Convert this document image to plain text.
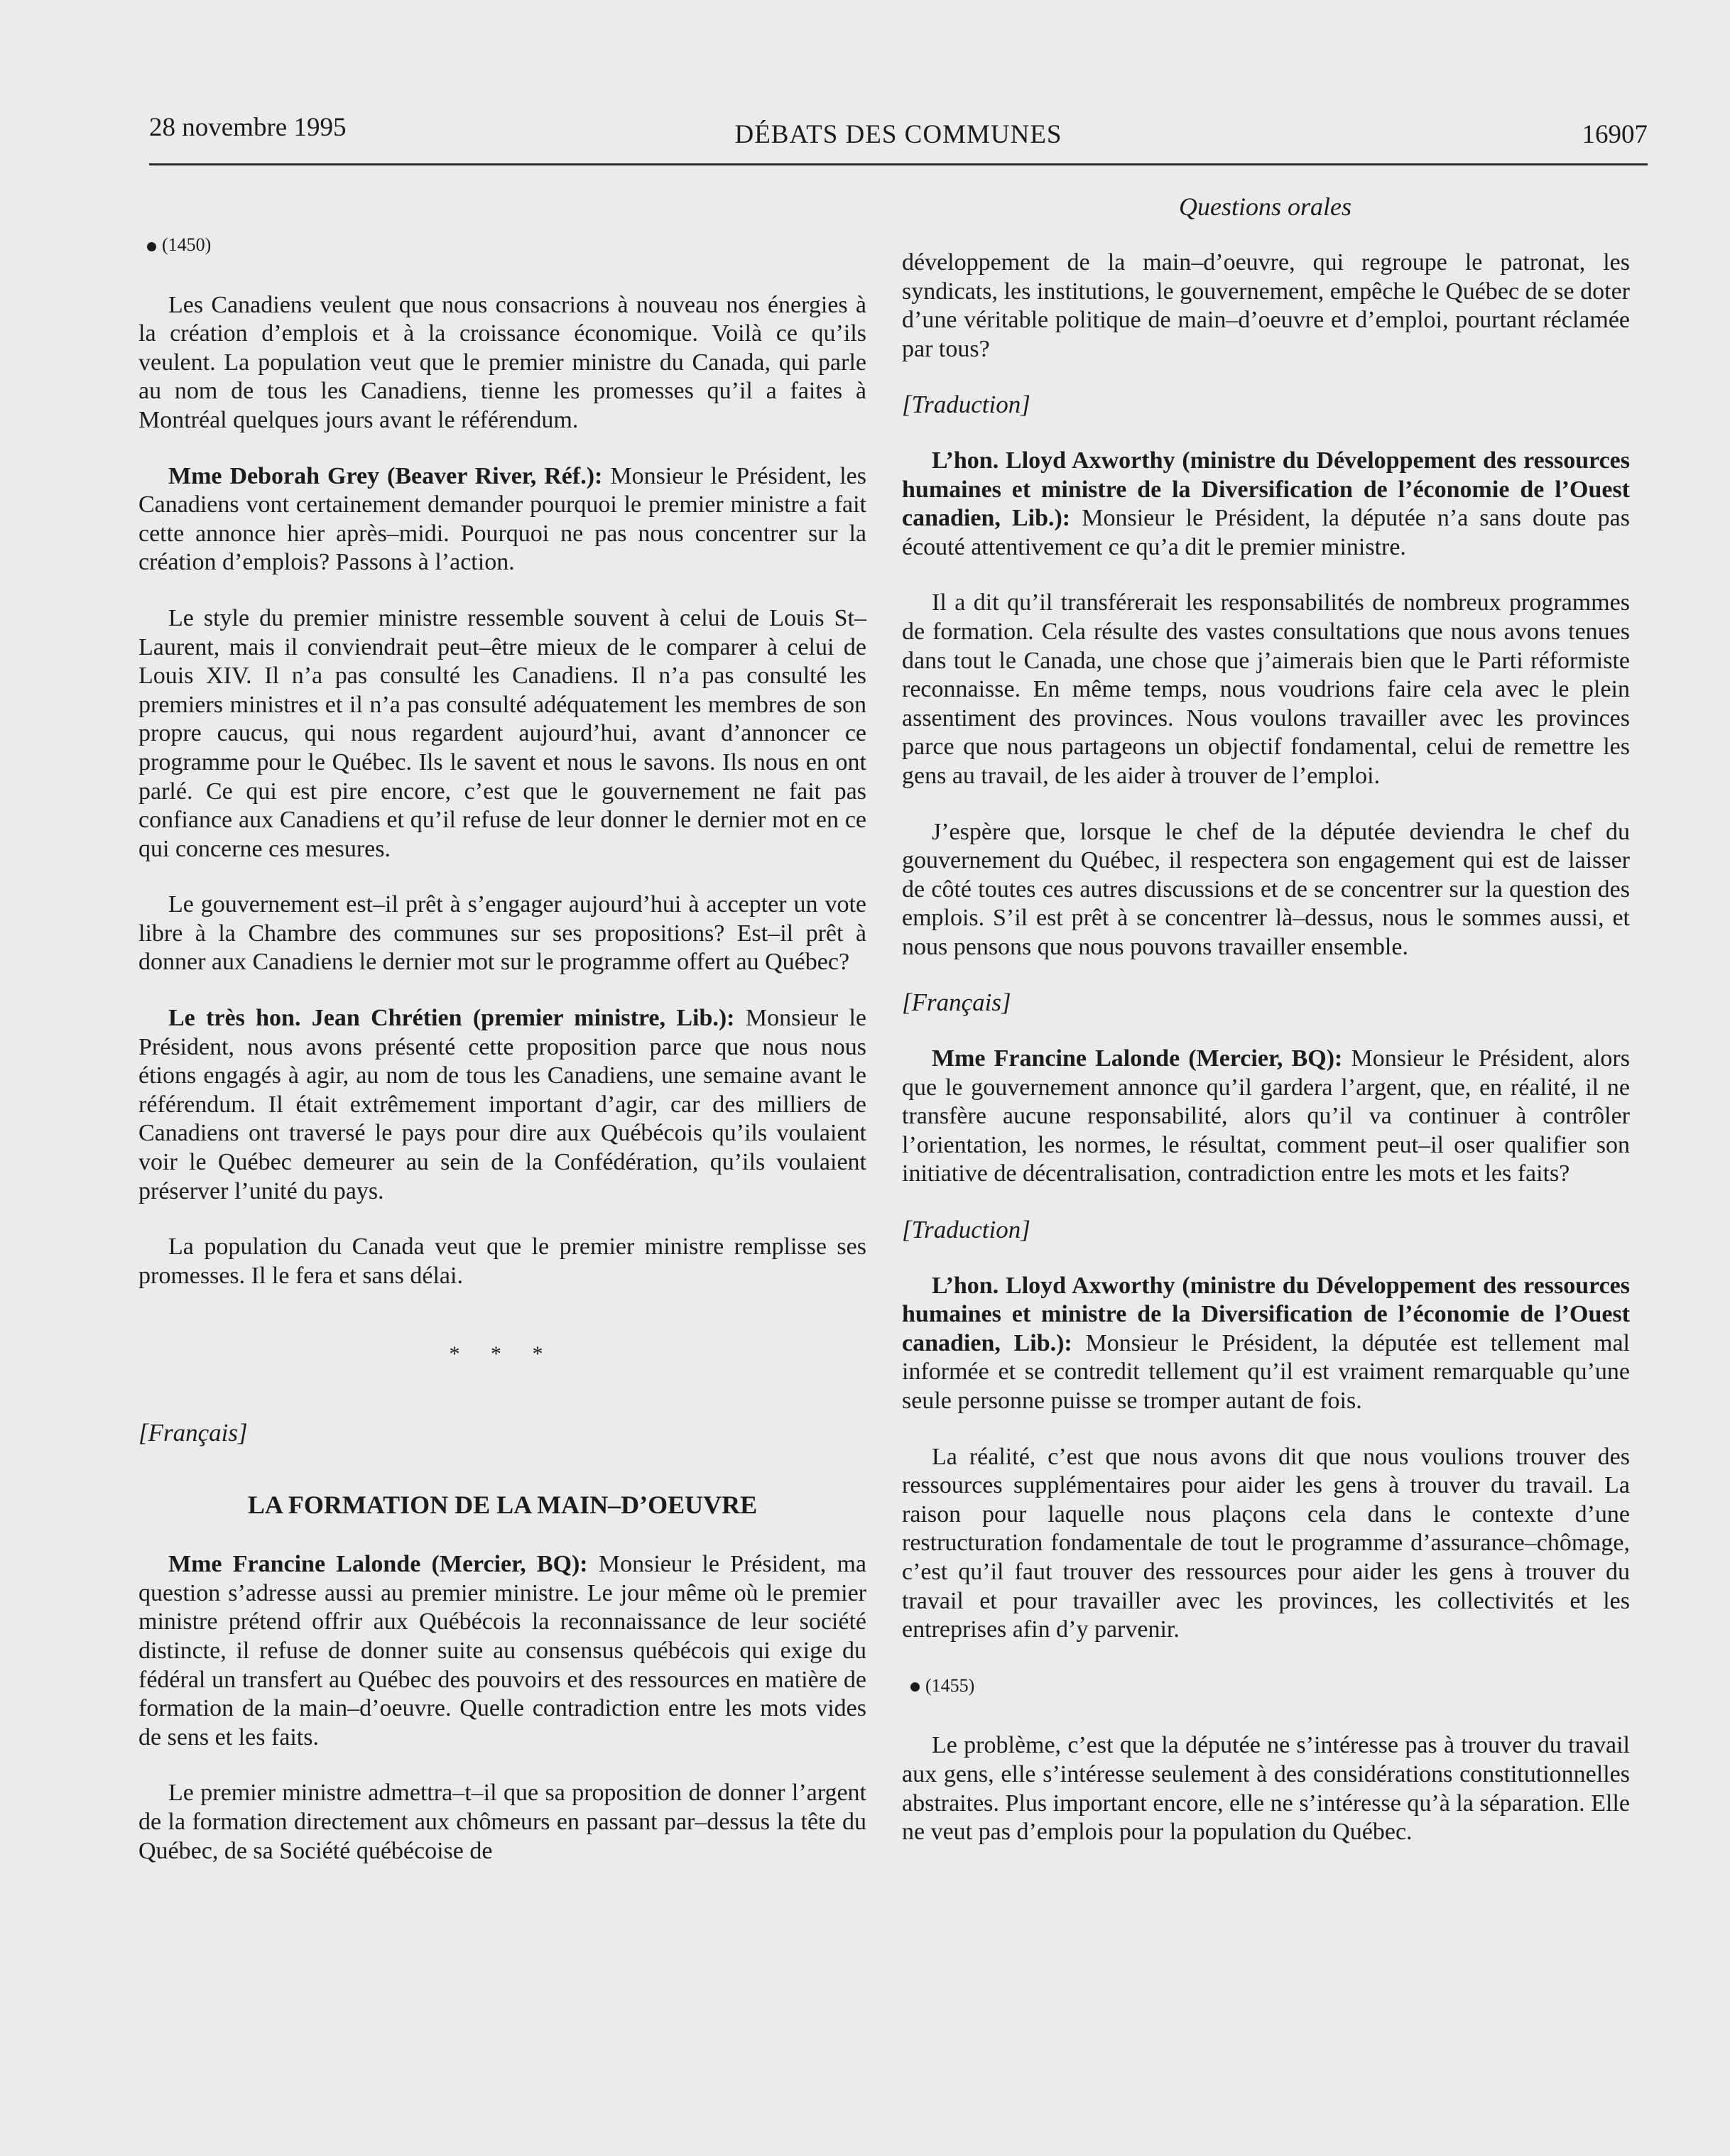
28 novembre 1995	DÉBATS DES COMMUNES	16907
Questions orales
(1450)

Les Canadiens veulent que nous consacrions à nouveau nos énergies à la création d’emplois et à la croissance économique. Voilà ce qu’ils veulent. La population veut que le premier ministre du Canada, qui parle au nom de tous les Canadiens, tienne les promesses qu’il a faites à Montréal quelques jours avant le référendum.

Mme Deborah Grey (Beaver River, Réf.): Monsieur le Président, les Canadiens vont certainement demander pourquoi le premier ministre a fait cette annonce hier après–midi. Pourquoi ne pas nous concentrer sur la création d’emplois? Passons à l’action.

Le style du premier ministre ressemble souvent à celui de Louis St–Laurent, mais il conviendrait peut–être mieux de le comparer à celui de Louis XIV. Il n’a pas consulté les Canadiens. Il n’a pas consulté les premiers ministres et il n’a pas consulté adéquatement les membres de son propre caucus, qui nous regardent aujourd’hui, avant d’annoncer ce programme pour le Québec. Ils le savent et nous le savons. Ils nous en ont parlé. Ce qui est pire encore, c’est que le gouvernement ne fait pas confiance aux Canadiens et qu’il refuse de leur donner le dernier mot en ce qui concerne ces mesures.

Le gouvernement est–il prêt à s’engager aujourd’hui à accepter un vote libre à la Chambre des communes sur ses propositions? Est–il prêt à donner aux Canadiens le dernier mot sur le programme offert au Québec?

Le très hon. Jean Chrétien (premier ministre, Lib.): Monsieur le Président, nous avons présenté cette proposition parce que nous nous étions engagés à agir, au nom de tous les Canadiens, une semaine avant le référendum. Il était extrêmement important d’agir, car des milliers de Canadiens ont traversé le pays pour dire aux Québécois qu’ils voulaient voir le Québec demeurer au sein de la Confédération, qu’ils voulaient préserver l’unité du pays.

La population du Canada veut que le premier ministre remplisse ses promesses. Il le fera et sans délai.

* * *
[Français]
LA FORMATION DE LA MAIN–D’OEUVRE

Mme Francine Lalonde (Mercier, BQ): Monsieur le Président, ma question s’adresse aussi au premier ministre. Le jour même où le premier ministre prétend offrir aux Québécois la reconnaissance de leur société distincte, il refuse de donner suite au consensus québécois qui exige du fédéral un transfert au Québec des pouvoirs et des ressources en matière de formation de la main–d’oeuvre. Quelle contradiction entre les mots vides de sens et les faits.

Le premier ministre admettra–t–il que sa proposition de donner l’argent de la formation directement aux chômeurs en passant par–dessus la tête du Québec, de sa Société québécoise de

développement de la main–d’oeuvre, qui regroupe le patronat, les syndicats, les institutions, le gouvernement, empêche le Québec de se doter d’une véritable politique de main–d’oeuvre et d’emploi, pourtant réclamée par tous?

[Traduction]

L’hon. Lloyd Axworthy (ministre du Développement des ressources humaines et ministre de la Diversification de l’économie de l’Ouest canadien, Lib.): Monsieur le Président, la députée n’a sans doute pas écouté attentivement ce qu’a dit le premier ministre.

Il a dit qu’il transférerait les responsabilités de nombreux programmes de formation. Cela résulte des vastes consultations que nous avons tenues dans tout le Canada, une chose que j’aimerais bien que le Parti réformiste reconnaisse. En même temps, nous voudrions faire cela avec le plein assentiment des provinces. Nous voulons travailler avec les provinces parce que nous partageons un objectif fondamental, celui de remettre les gens au travail, de les aider à trouver de l’emploi.

J’espère que, lorsque le chef de la députée deviendra le chef du gouvernement du Québec, il respectera son engagement qui est de laisser de côté toutes ces autres discussions et de se concentrer sur la question des emplois. S’il est prêt à se concentrer là–dessus, nous le sommes aussi, et nous pensons que nous pouvons travailler ensemble.

[Français]

Mme Francine Lalonde (Mercier, BQ): Monsieur le Président, alors que le gouvernement annonce qu’il gardera l’argent, que, en réalité, il ne transfère aucune responsabilité, alors qu’il va continuer à contrôler l’orientation, les normes, le résultat, comment peut–il oser qualifier son initiative de décentralisation, contradiction entre les mots et les faits?

[Traduction]

L’hon. Lloyd Axworthy (ministre du Développement des ressources humaines et ministre de la Diversification de l’économie de l’Ouest canadien, Lib.): Monsieur le Président, la députée est tellement mal informée et se contredit tellement qu’il est vraiment remarquable qu’une seule personne puisse se tromper autant de fois.

La réalité, c’est que nous avons dit que nous voulions trouver des ressources supplémentaires pour aider les gens à trouver du travail. La raison pour laquelle nous plaçons cela dans le contexte d’une restructuration fondamentale de tout le programme d’assurance–chômage, c’est qu’il faut trouver des ressources pour aider les gens à trouver du travail et pour travailler avec les provinces, les collectivités et les entreprises afin d’y parvenir.

(1455)

Le problème, c’est que la députée ne s’intéresse pas à trouver du travail aux gens, elle s’intéresse seulement à des considérations constitutionnelles abstraites. Plus important encore, elle ne s’intéresse qu’à la séparation. Elle ne veut pas d’emplois pour la population du Québec.
